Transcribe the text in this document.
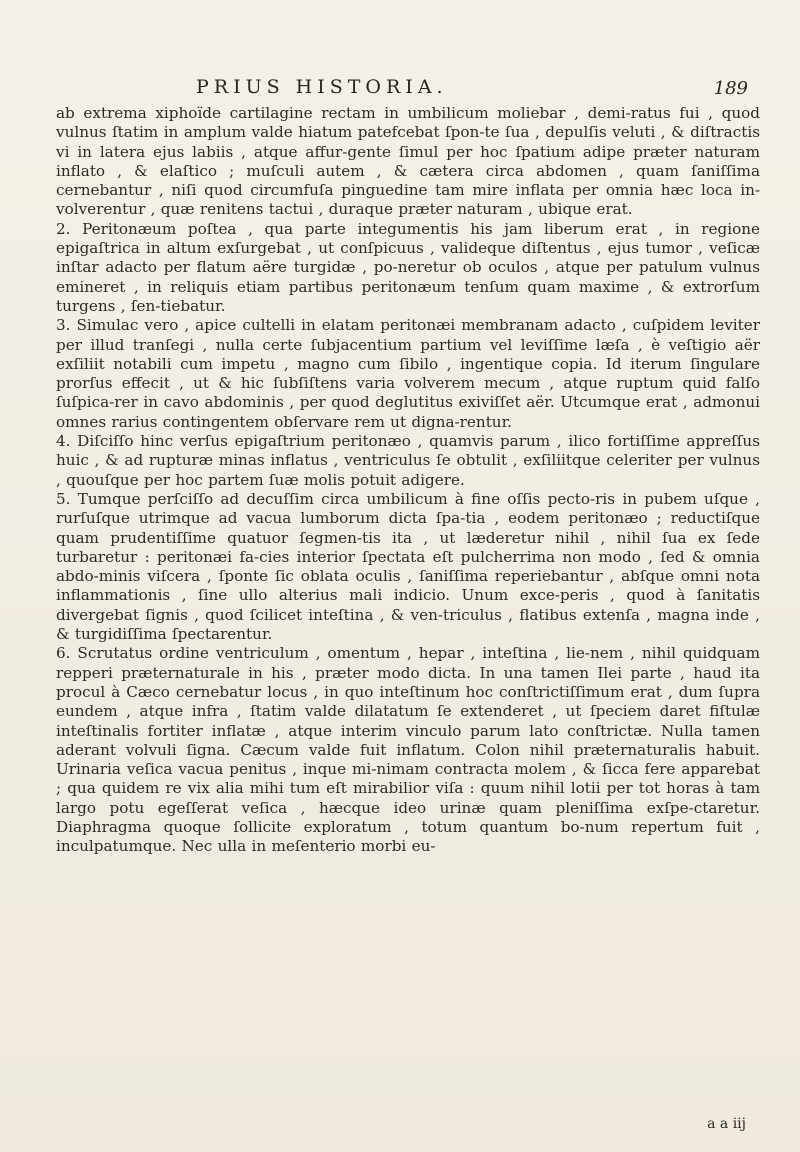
PRIUS HISTORIA.	189

ab extrema xiphoïde cartilagine rectam in umbilicum moliebar , demi-ratus fui , quod vulnus ſtatim in amplum valde hiatum patefcebat ſpon-te ſua , depulſis veluti , & diſtractis vi in latera ejus labiis , atque affur-gente ſimul per hoc ſpatium adipe præter naturam inflato , & elaſtico ; muſculi autem , & cætera circa abdomen , quam ſaniſſima cernebantur , niſi quod circumfuſa pinguedine tam mire inflata per omnia hæc loca in-volverentur , quæ renitens tactui , duraque præter naturam , ubique erat.

2. Peritonæum poſtea , qua parte integumentis his jam liberum erat , in regione epigaſtrica in altum exſurgebat , ut conſpicuus , valideque diſtentus , ejus tumor , veſicæ inſtar adacto per flatum aëre turgidæ , po-neretur ob oculos , atque per patulum vulnus emineret , in reliquis etiam partibus peritonæum tenſum quam maxime , & extrorſum turgens , ſen-tiebatur.

3. Simulac vero , apice cultelli in elatam peritonæi membranam adacto , cuſpidem leviter per illud tranſegi , nulla certe ſubjacentium partium vel leviſſime læſa , è veſtigio aër exſiliit notabili cum impetu , magno cum ſibilo , ingentique copia. Id iterum ſingulare prorſus effecit , ut & hic ſubſiſtens varia volverem mecum , atque ruptum quid falſo ſuſpica-rer in cavo abdominis , per quod deglutitus exiviſſet aër. Utcumque erat , admonui omnes rarius contingentem obſervare rem ut digna-rentur.

4. Diſciſſo hinc verſus epigaſtrium peritonæo , quamvis parum , ilico fortiſſime appreſſus huic , & ad rupturæ minas inflatus , ventriculus ſe obtulit , exſiliitque celeriter per vulnus , quouſque per hoc partem ſuæ molis potuit adigere.

5. Tumque perſciſſo ad decuſſim circa umbilicum à fine oſſis pecto-ris in pubem uſque , rurſuſque utrimque ad vacua lumborum dicta ſpa-tia , eodem peritonæo ; reductiſque quam prudentiſſime quatuor ſegmen-tis ita , ut læderetur nihil , nihil ſua ex ſede turbaretur : peritonæi fa-cies interior ſpectata eſt pulcherrima non modo , ſed & omnia abdo-minis viſcera , ſponte ſic oblata oculis , ſaniſſima reperiebantur , abſque omni nota inflammationis , ſine ullo alterius mali indicio. Unum exce-peris , quod à ſanitatis divergebat ſignis , quod ſcilicet inteſtina , & ven-triculus , flatibus extenſa , magna inde , & turgidiſſima ſpectarentur.

6. Scrutatus ordine ventriculum , omentum , hepar , inteſtina , lie-nem , nihil quidquam repperi præternaturale in his , præter modo dicta. In una tamen Ilei parte , haud ita procul à Cæco cernebatur locus , in quo inteſtinum hoc conſtrictiſſimum erat , dum ſupra eundem , atque infra , ſtatim valde dilatatum ſe extenderet , ut ſpeciem daret fiſtulæ inteſtinalis fortiter inflatæ , atque interim vinculo parum lato conſtrictæ. Nulla tamen aderant volvuli ſigna. Cæcum valde fuit inflatum. Colon nihil præternaturalis habuit. Urinaria veſica vacua penitus , inque mi-nimam contracta molem , & ſicca fere apparebat ; qua quidem re vix alia mihi tum eſt mirabilior viſa : quum nihil lotii per tot horas à tam largo potu egeſſerat veſica , hæcque ideo urinæ quam pleniſſima exſpe-ctaretur. Diaphragma quoque ſollicite exploratum , totum quantum bo-num repertum fuit , inculpatumque. Nec ulla in meſenterio morbi eu-

a a iij
